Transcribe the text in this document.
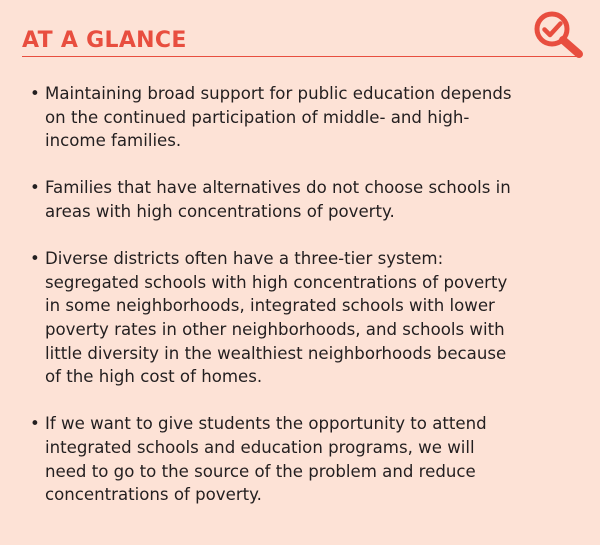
AT A GLANCE
• Maintaining broad support for public education depends
on the continued participation of middle- and high-
income families.
• Families that have alternatives do not choose schools in
areas with high concentrations of poverty.
• Diverse districts often have a three-tier system:
segregated schools with high concentrations of poverty
in some neighborhoods, integrated schools with lower
poverty rates in other neighborhoods, and schools with
little diversity in the wealthiest neighborhoods because
of the high cost of homes.
• If we want to give students the opportunity to attend
integrated schools and education programs, we will
need to go to the source of the problem and reduce
concentrations of poverty.
